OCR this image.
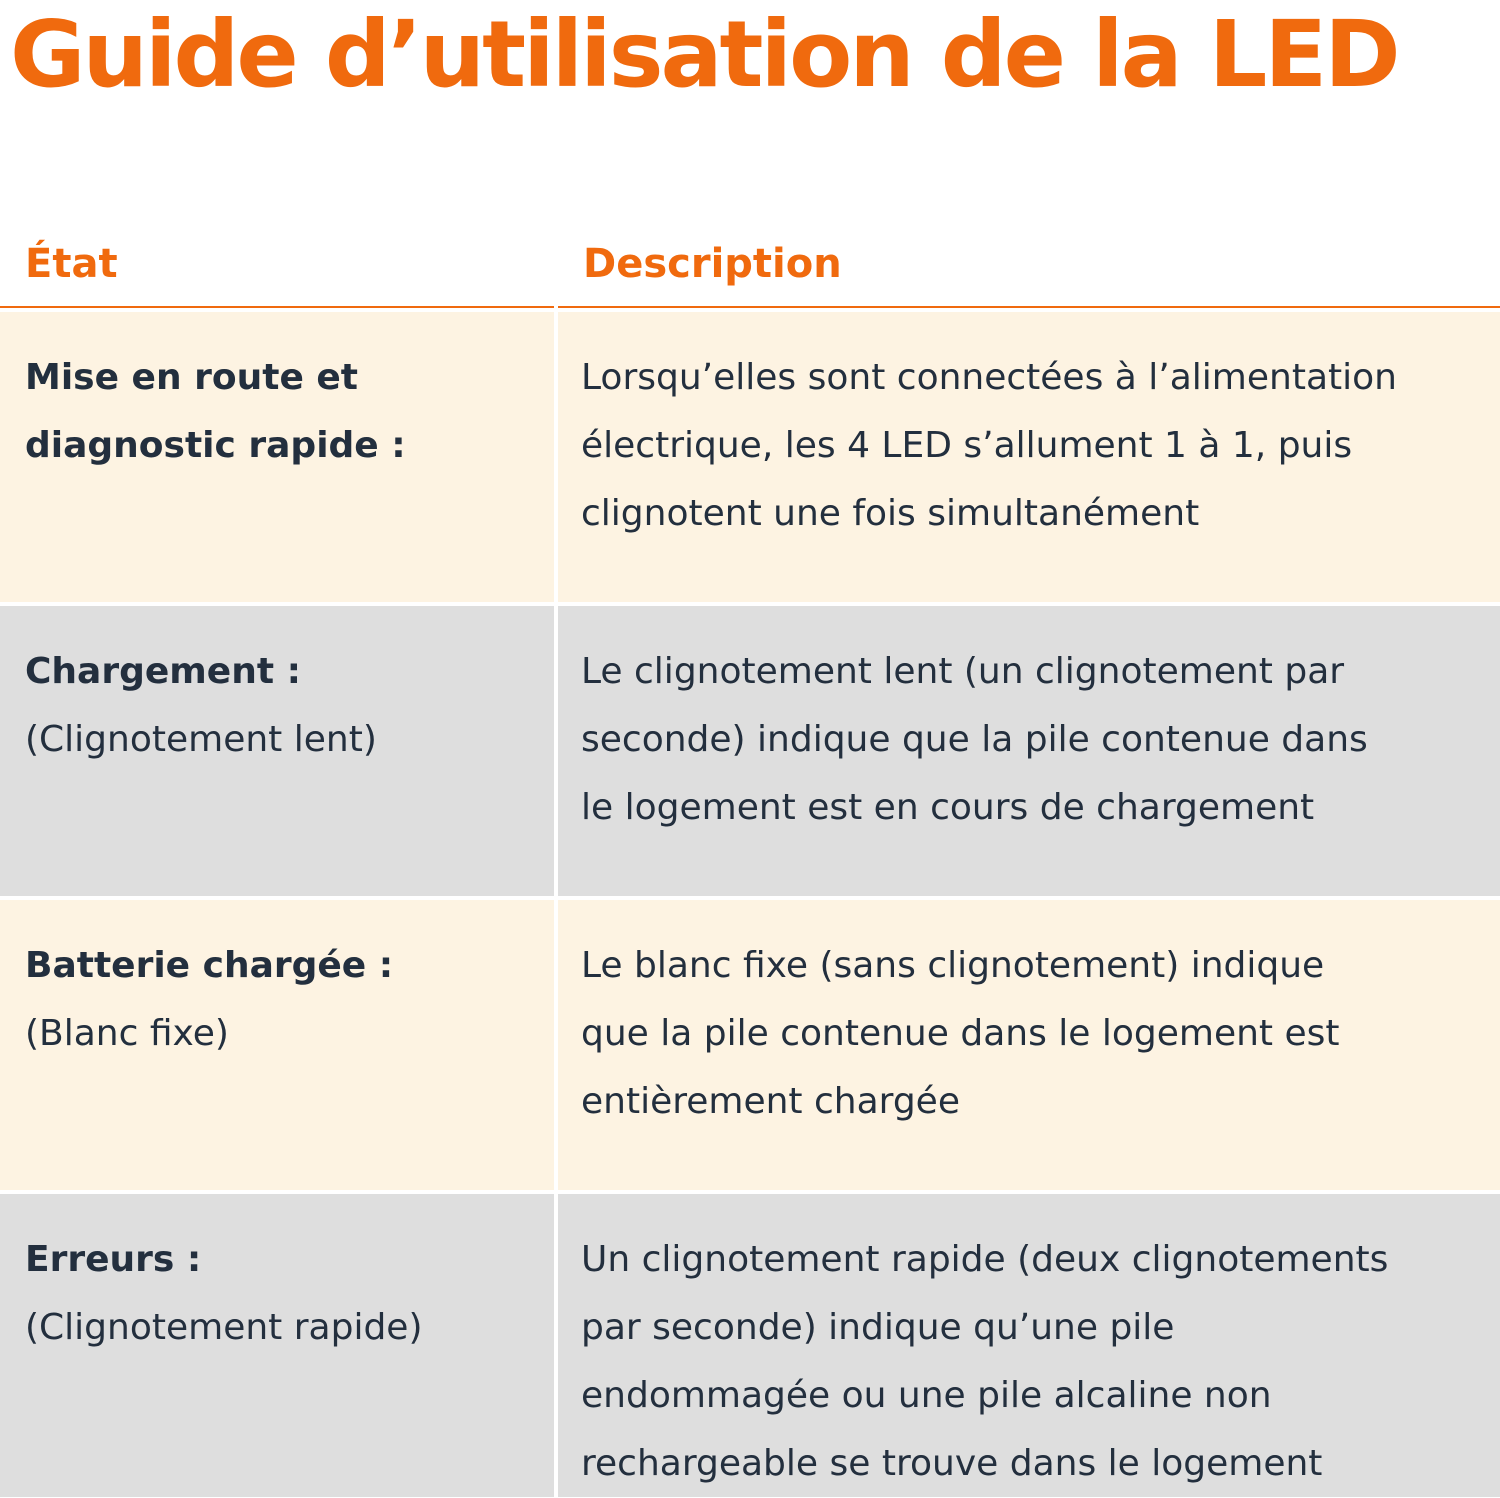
Guide d’utilisation de la LED
État	Description
Mise en route et
diagnostic rapide :
Lorsqu’elles sont connectées à l’alimentation
électrique, les 4 LED s’allument 1 à 1, puis
clignotent une fois simultanément
Chargement :
(Clignotement lent)
Le clignotement lent (un clignotement par
seconde) indique que la pile contenue dans
le logement est en cours de chargement
Batterie chargée :
(Blanc fixe)
Le blanc fixe (sans clignotement) indique
que la pile contenue dans le logement est
entièrement chargée
Erreurs :
(Clignotement rapide)
Un clignotement rapide (deux clignotements
par seconde) indique qu’une pile
endommagée ou une pile alcaline non
rechargeable se trouve dans le logement
